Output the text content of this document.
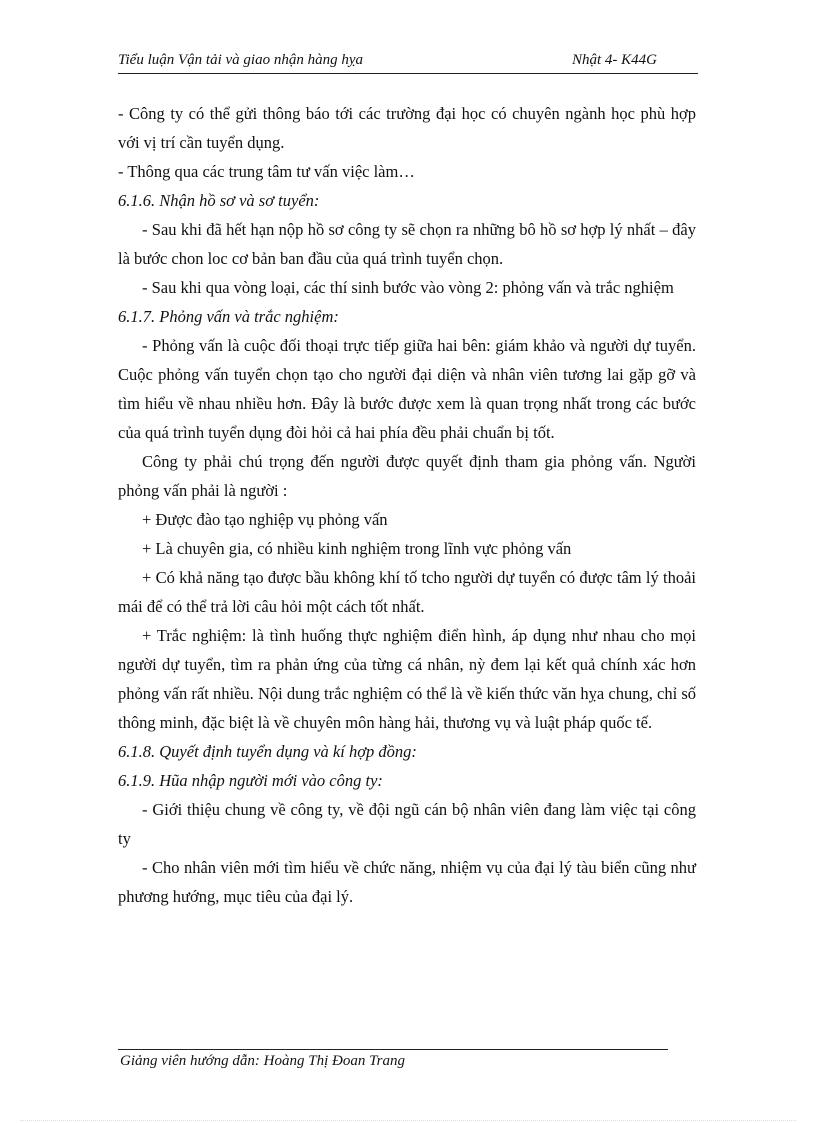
Tiểu luận Vận tải và giao nhận hàng hỵa	Nhật 4- K44G

- Công ty có thể gửi thông báo tới các trường đại học có chuyên ngành học phù hợp với vị trí cần tuyển dụng.

- Thông qua các trung tâm tư vấn việc làm…

6.1.6. Nhận hồ sơ và sơ tuyển:

- Sau khi đã hết hạn nộp hồ sơ công ty sẽ chọn ra những bô hồ sơ hợp lý nhất – đây là bước chon loc cơ bản ban đầu của quá trình tuyển chọn.

- Sau khi qua vòng loại, các thí sinh bước vào vòng 2: phỏng vấn và trắc nghiệm

6.1.7. Phỏng vấn và trắc nghiệm:

- Phỏng vấn là cuộc đối thoại trực tiếp giữa hai bên: giám khảo và người dự tuyển. Cuộc phỏng vấn tuyển chọn tạo cho người đại diện và nhân viên tương lai gặp gỡ và tìm hiểu về nhau nhiều hơn. Đây là bước được xem là quan trọng nhất trong các bước của quá trình tuyển dụng đòi hỏi cả hai phía đều phải chuẩn bị tốt.

Công ty phải chú trọng đến người được quyết định tham gia phỏng vấn. Người phỏng vấn phải là người :

+ Được đào tạo nghiệp vụ phỏng vấn

+ Là chuyên gia, có nhiều kinh nghiệm trong lĩnh vực phỏng vấn

+ Có khả năng tạo được bầu không khí tố tcho người dự tuyển có được tâm lý thoải mái để có thể trả lời câu hỏi một cách tốt nhất.

+ Trắc nghiệm: là tình huống thực nghiệm điển hình, áp dụng như nhau cho mọi người dự tuyển, tìm ra phản ứng của từng cá nhân, nỳ đem lại kết quả chính xác hơn phỏng vấn rất nhiều. Nội dung trắc nghiệm có thể là về kiến thức văn hỵa chung, chỉ số thông minh, đặc biệt là về chuyên môn hàng hải, thương vụ và luật pháp quốc tế.

6.1.8. Quyết định tuyển dụng và kí hợp đồng:

6.1.9. Hũa nhập người mới vào công ty:

- Giới thiệu chung về công ty, về đội ngũ cán bộ nhân viên đang làm việc tại công ty

- Cho nhân viên mới tìm hiểu về chức năng, nhiệm vụ của đại lý tàu biển cũng như phương hướng, mục tiêu của đại lý.

Giảng viên hướng dẫn: Hoàng Thị Đoan Trang
